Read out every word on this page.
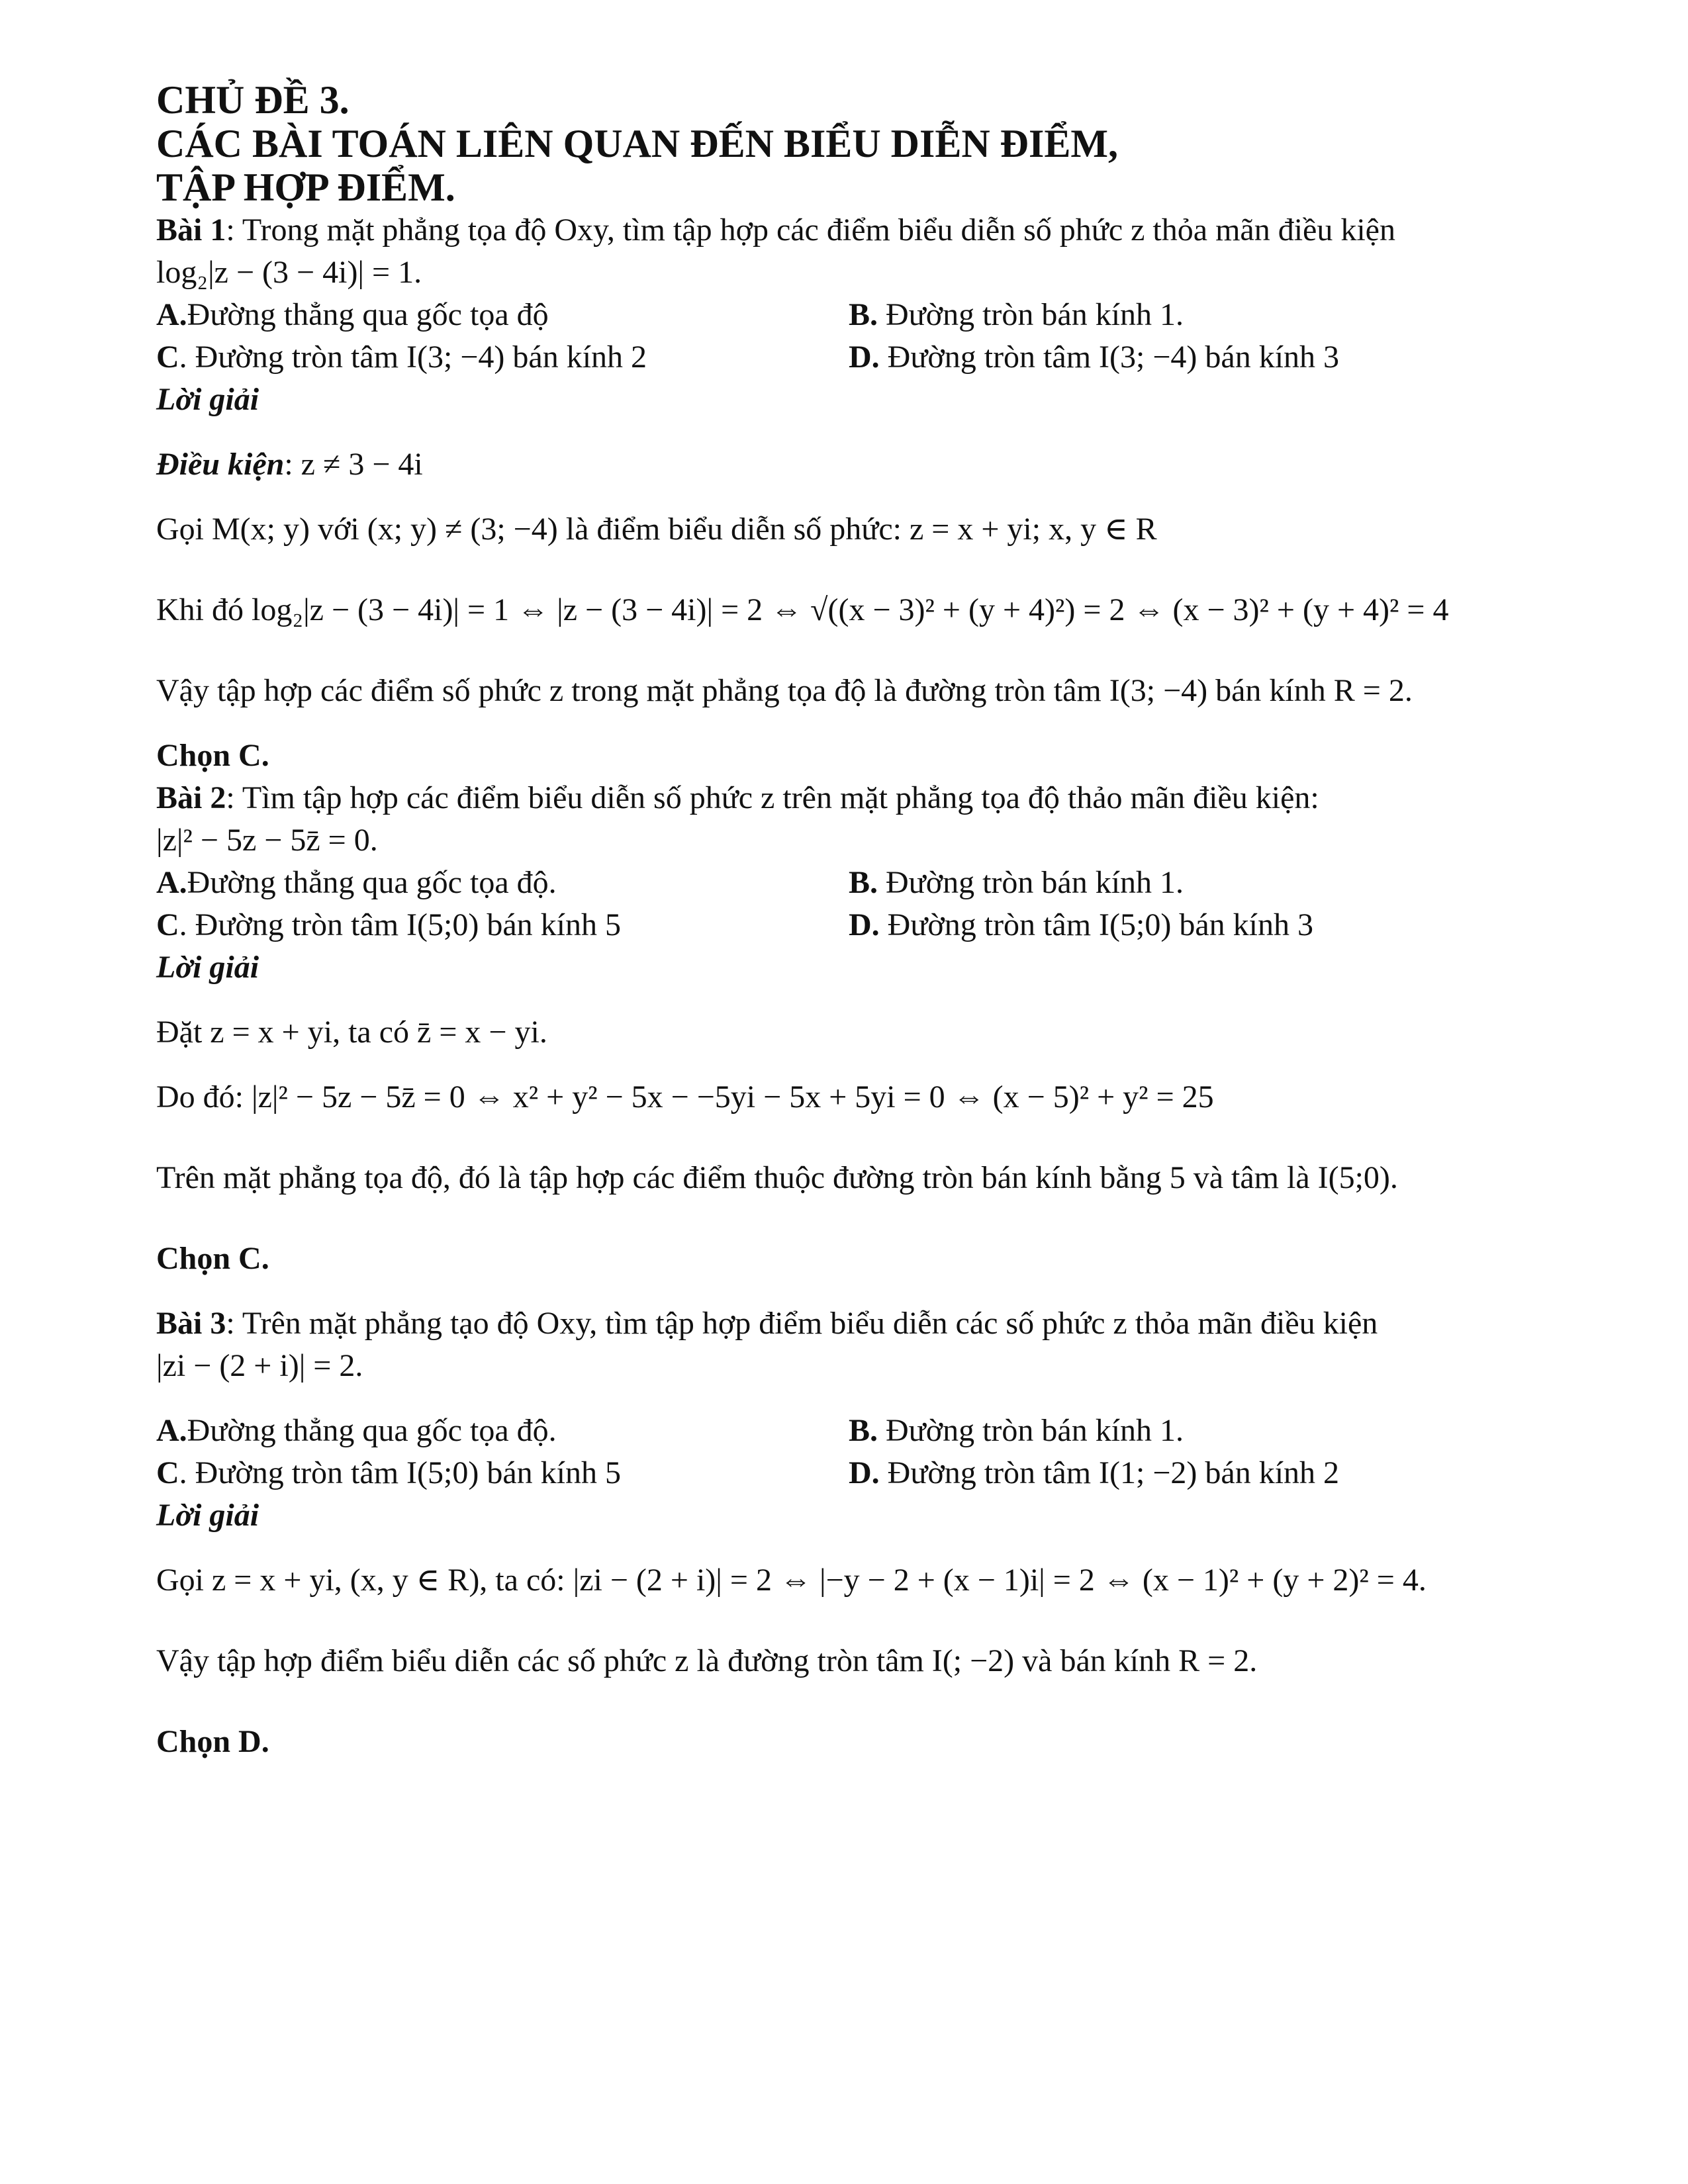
CHỦ ĐỀ 3.
CÁC BÀI TOÁN LIÊN QUAN ĐẾN BIỂU DIỄN ĐIỂM,
TẬP HỢP ĐIỂM.

Bài 1: Trong mặt phẳng tọa độ Oxy, tìm tập hợp các điểm biểu diễn số phức z thỏa mãn điều kiện

log₂|z − (3 − 4i)| = 1.

A.Đường thẳng qua gốc tọa độ	B. Đường tròn bán kính 1.
C. Đường tròn tâm I(3; −4) bán kính 2	D. Đường tròn tâm I(3; −4) bán kính 3

Lời giải

Điều kiện: z ≠ 3 − 4i

Gọi M(x; y) với (x; y) ≠ (3; −4) là điểm biểu diễn số phức: z = x + yi; x, y ∈ R

Khi đó log₂|z − (3 − 4i)| = 1 ⇔ |z − (3 − 4i)| = 2 ⇔ √((x − 3)² + (y + 4)²) = 2 ⇔ (x − 3)² + (y + 4)² = 4

Vậy tập hợp các điểm số phức z trong mặt phẳng tọa độ là đường tròn tâm I(3; −4) bán kính R = 2.

Chọn C.

Bài 2: Tìm tập hợp các điểm biểu diễn số phức z trên mặt phẳng tọa độ thảo mãn điều kiện:

|z|² − 5z − 5z̄ = 0.

A.Đường thẳng qua gốc tọa độ.	B. Đường tròn bán kính 1.
C. Đường tròn tâm I(5;0) bán kính 5	D. Đường tròn tâm I(5;0) bán kính 3

Lời giải

Đặt z = x + yi, ta có z̄ = x − yi.

Do đó: |z|² − 5z − 5z̄ = 0 ⇔ x² + y² − 5x − −5yi − 5x + 5yi = 0 ⇔ (x − 5)² + y² = 25

Trên mặt phẳng tọa độ, đó là tập hợp các điểm thuộc đường tròn bán kính bằng 5 và tâm là I(5;0).

Chọn C.

Bài 3: Trên mặt phẳng tạo độ Oxy, tìm tập hợp điểm biểu diễn các số phức z thỏa mãn điều kiện

|zi − (2 + i)| = 2.

A.Đường thẳng qua gốc tọa độ.	B. Đường tròn bán kính 1.
C. Đường tròn tâm I(5;0) bán kính 5	D. Đường tròn tâm I(1; −2) bán kính 2

Lời giải

Gọi z = x + yi, (x, y ∈ R), ta có: |zi − (2 + i)| = 2 ⇔ |−y − 2 + (x − 1)i| = 2 ⇔ (x − 1)² + (y + 2)² = 4.

Vậy tập hợp điểm biểu diễn các số phức z là đường tròn tâm I(; −2) và bán kính R = 2.

Chọn D.
